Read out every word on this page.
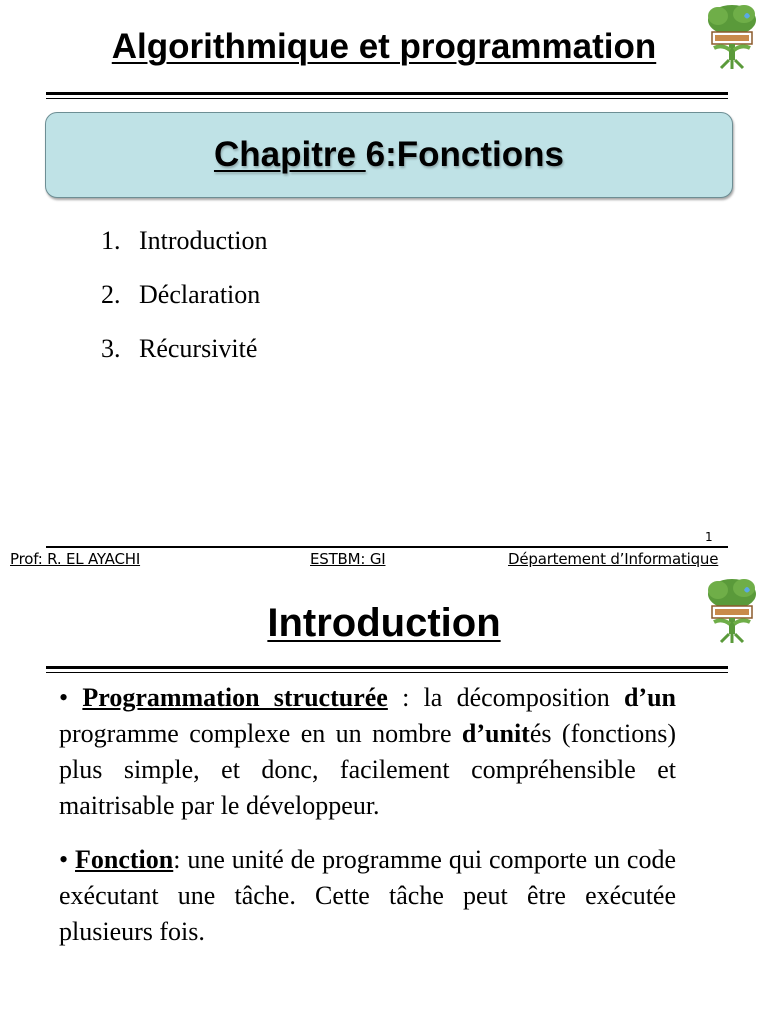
Algorithmique et programmation
Chapitre 6:Fonctions
1. Introduction
2. Déclaration
3. Récursivité
1
Prof: R. EL AYACHI	ESTBM: GI	Département d’Informatique
Introduction

• Programmation structurée : la décomposition d’un programme complexe en un nombre d’unités (fonctions) plus simple, et donc, facilement compréhensible et maitrisable par le développeur.

• Fonction: une unité de programme qui comporte un code exécutant une tâche. Cette tâche peut être exécutée plusieurs fois.
